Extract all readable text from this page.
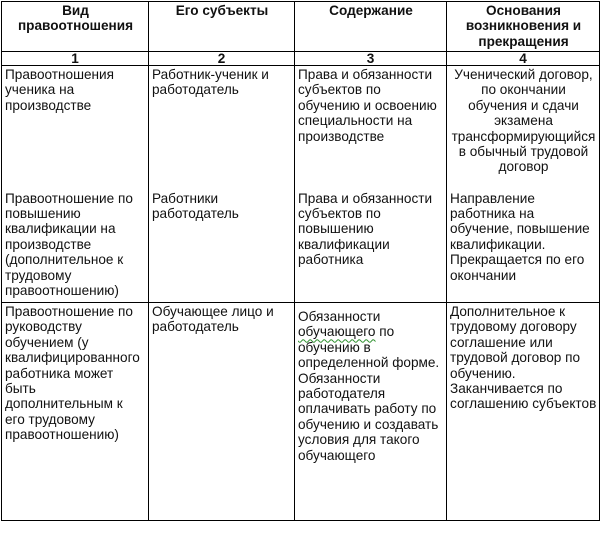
Вид правоотношения	Его субъекты	Содержание	Основания возникновения и прекращения
1	2	3	4
Правоотношения ученика на производстве	Работник-ученик и работодатель	Права и обязанности субъектов по обучению и освоению специальности на производстве	Ученический договор, по окончании обучения и сдачи экзамена трансформирующийся в обычный трудовой договор
Правоотношение по повышению квалификации на производстве (дополнительное к трудовому правоотношению)	Работники работодатель	Права и обязанности субъектов по повышению квалификации работника	Направление работника на обучение, повышение квалификации. Прекращается по его окончании
Правоотношение по руководству обучением (у квалифицированного работника может быть дополнительным к его трудовому правоотношению)	Обучающее лицо и работодатель	Обязанности обучающего по обучению в определенной форме. Обязанности работодателя оплачивать работу по обучению и создавать условия для такого обучающего	Дополнительное к трудовому договору соглашение или трудовой договор по обучению. Заканчивается по соглашению субъектов
